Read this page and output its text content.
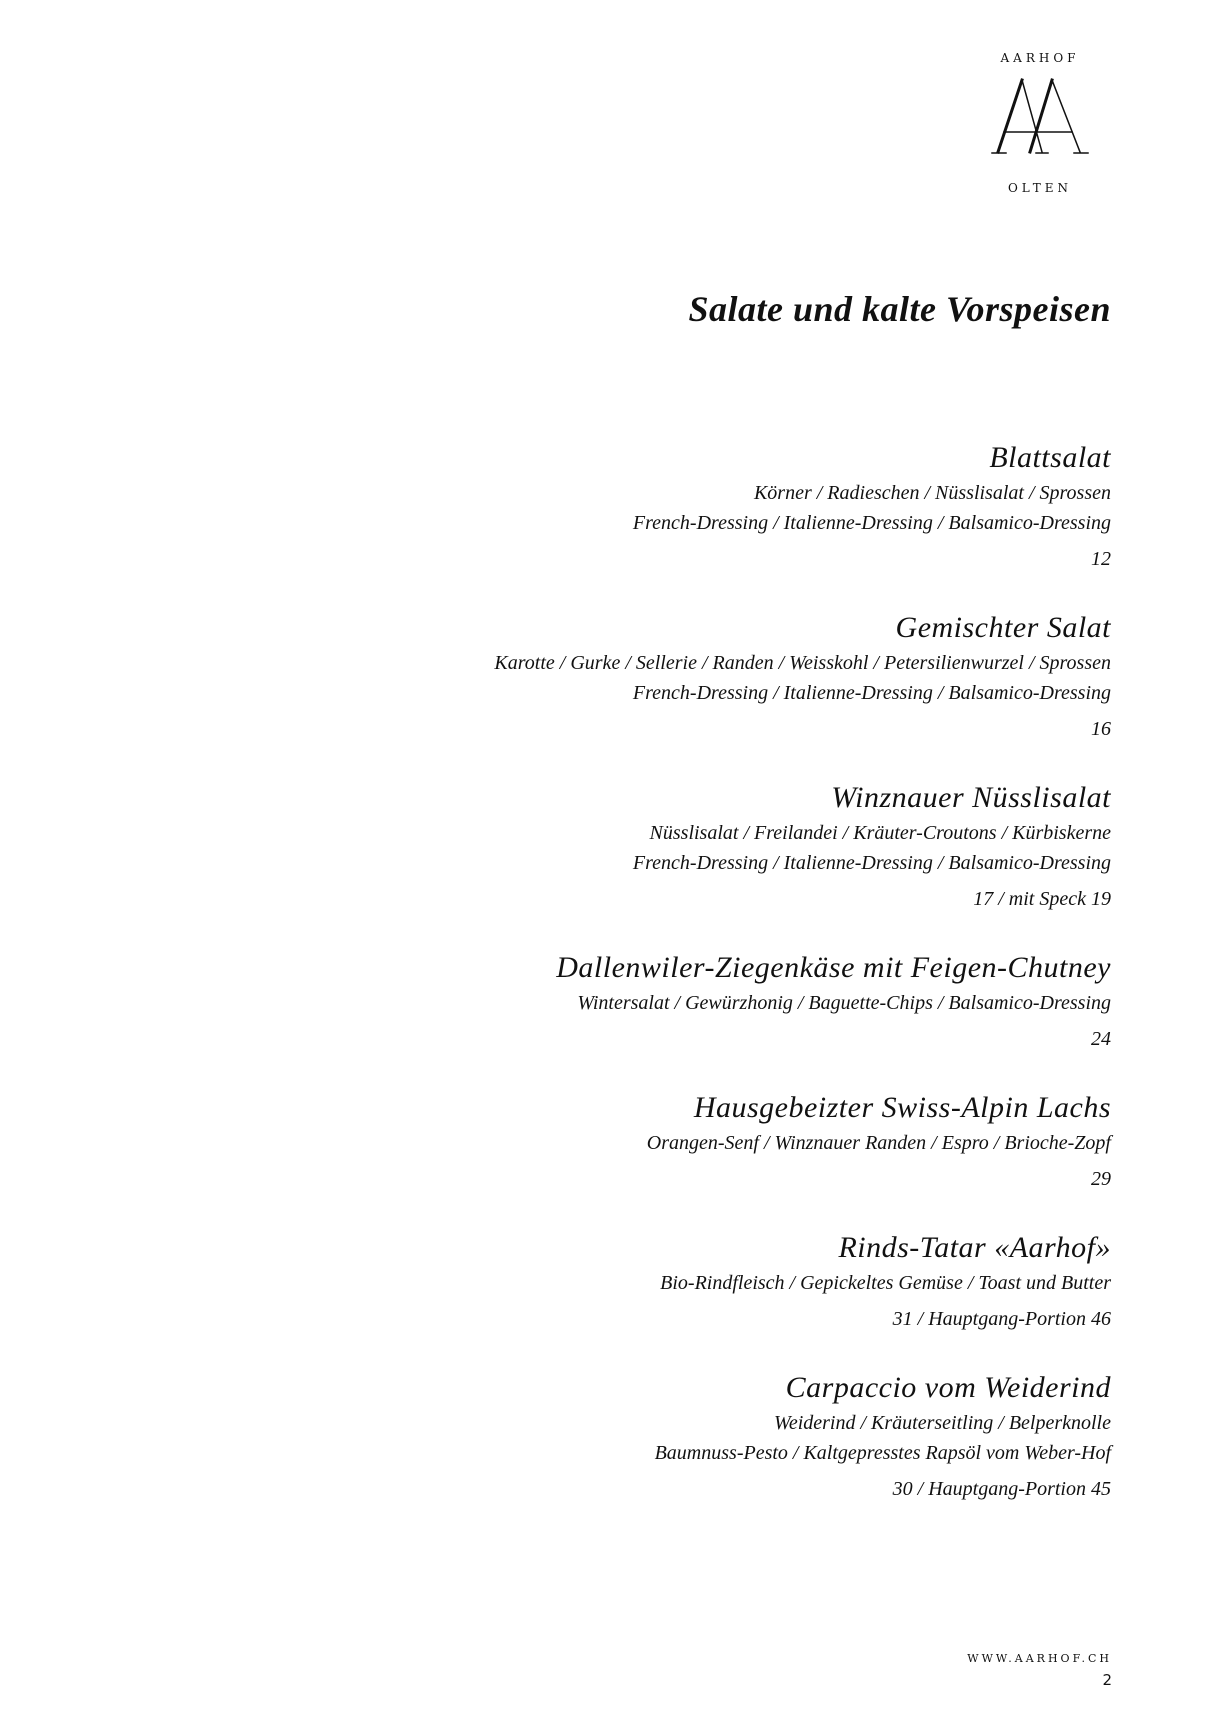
AARHOF
OLTEN
Salate und kalte Vorspeisen
Blattsalat
Körner / Radieschen / Nüsslisalat / Sprossen
French-Dressing / Italienne-Dressing / Balsamico-Dressing
12
Gemischter Salat
Karotte / Gurke / Sellerie / Randen / Weisskohl / Petersilienwurzel / Sprossen
French-Dressing / Italienne-Dressing / Balsamico-Dressing
16
Winznauer Nüsslisalat
Nüsslisalat / Freilandei / Kräuter-Croutons / Kürbiskerne
French-Dressing / Italienne-Dressing / Balsamico-Dressing
17 / mit Speck 19
Dallenwiler-Ziegenkäse mit Feigen-Chutney
Wintersalat / Gewürzhonig / Baguette-Chips / Balsamico-Dressing
24
Hausgebeizter Swiss-Alpin Lachs
Orangen-Senf / Winznauer Randen / Espro / Brioche-Zopf
29
Rinds-Tatar «Aarhof»
Bio-Rindfleisch / Gepickeltes Gemüse / Toast und Butter
31 / Hauptgang-Portion 46
Carpaccio vom Weiderind
Weiderind / Kräuterseitling / Belperknolle
Baumnuss-Pesto / Kaltgepresstes Rapsöl vom Weber-Hof
30 / Hauptgang-Portion 45
WWW.AARHOF.CH
2
